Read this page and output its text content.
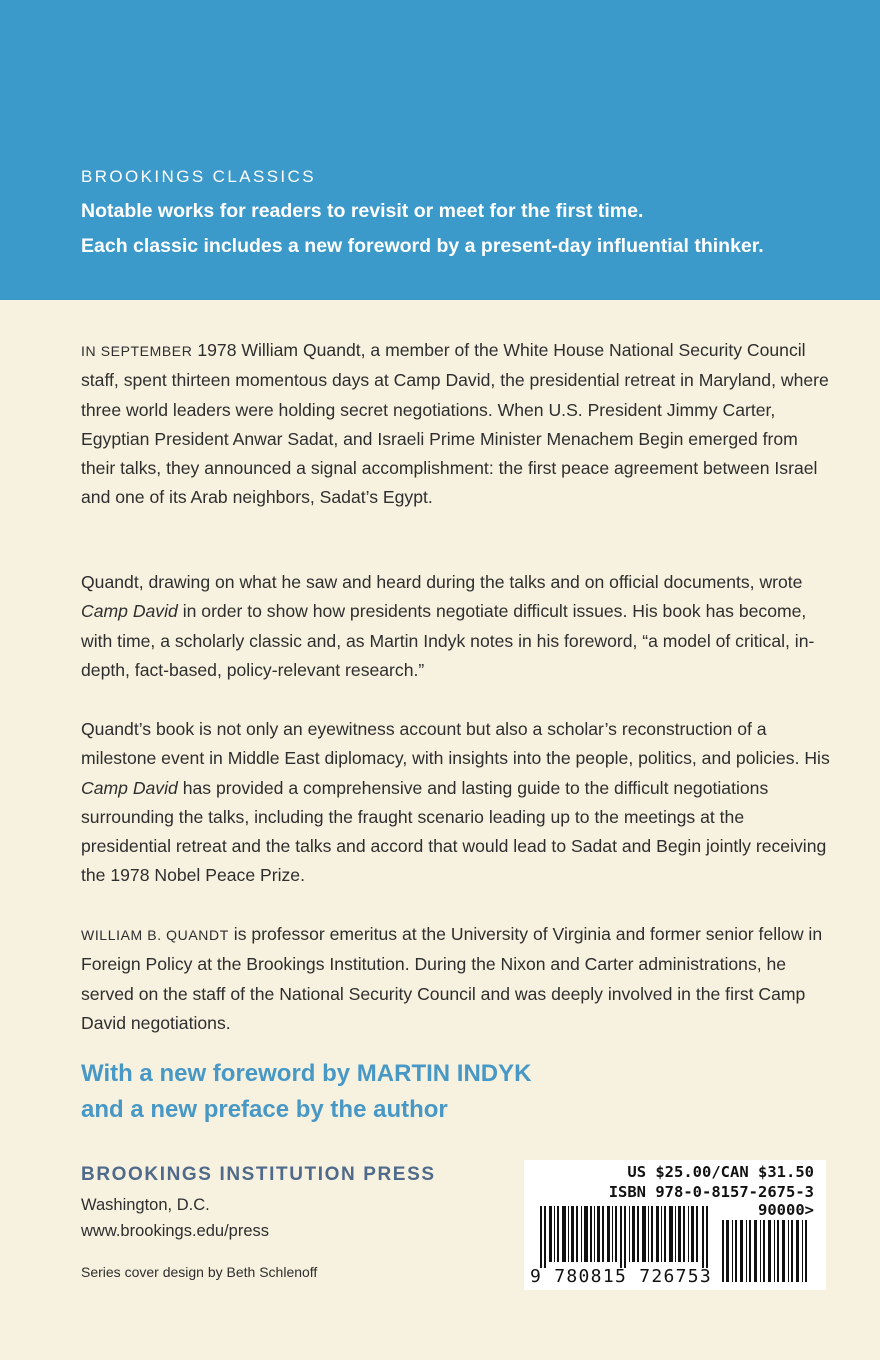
BROOKINGS CLASSICS
Notable works for readers to revisit or meet for the first time.
Each classic includes a new foreword by a present-day influential thinker.
IN SEPTEMBER 1978 William Quandt, a member of the White House National Security Council staff, spent thirteen momentous days at Camp David, the presidential retreat in Maryland, where three world leaders were holding secret negotiations. When U.S. President Jimmy Carter, Egyptian President Anwar Sadat, and Israeli Prime Minister Menachem Begin emerged from their talks, they announced a signal accomplishment: the first peace agreement between Israel and one of its Arab neighbors, Sadat’s Egypt.
Quandt, drawing on what he saw and heard during the talks and on official documents, wrote Camp David in order to show how presidents negotiate difficult issues. His book has become, with time, a scholarly classic and, as Martin Indyk notes in his foreword, “a model of critical, in-depth, fact-based, policy-relevant research.”
Quandt’s book is not only an eyewitness account but also a scholar’s reconstruction of a milestone event in Middle East diplomacy, with insights into the people, politics, and policies. His Camp David has provided a comprehensive and lasting guide to the difficult negotiations surrounding the talks, including the fraught scenario leading up to the meetings at the presidential retreat and the talks and accord that would lead to Sadat and Begin jointly receiving the 1978 Nobel Peace Prize.
WILLIAM B. QUANDT is professor emeritus at the University of Virginia and former senior fellow in Foreign Policy at the Brookings Institution. During the Nixon and Carter administrations, he served on the staff of the National Security Council and was deeply involved in the first Camp David negotiations.
With a new foreword by MARTIN INDYK
and a new preface by the author
BROOKINGS INSTITUTION PRESS
Washington, D.C.
www.brookings.edu/press
Series cover design by Beth Schlenoff
US $25.00/CAN $31.50
ISBN 978-0-8157-2675-3
90000>
9 780815 726753
